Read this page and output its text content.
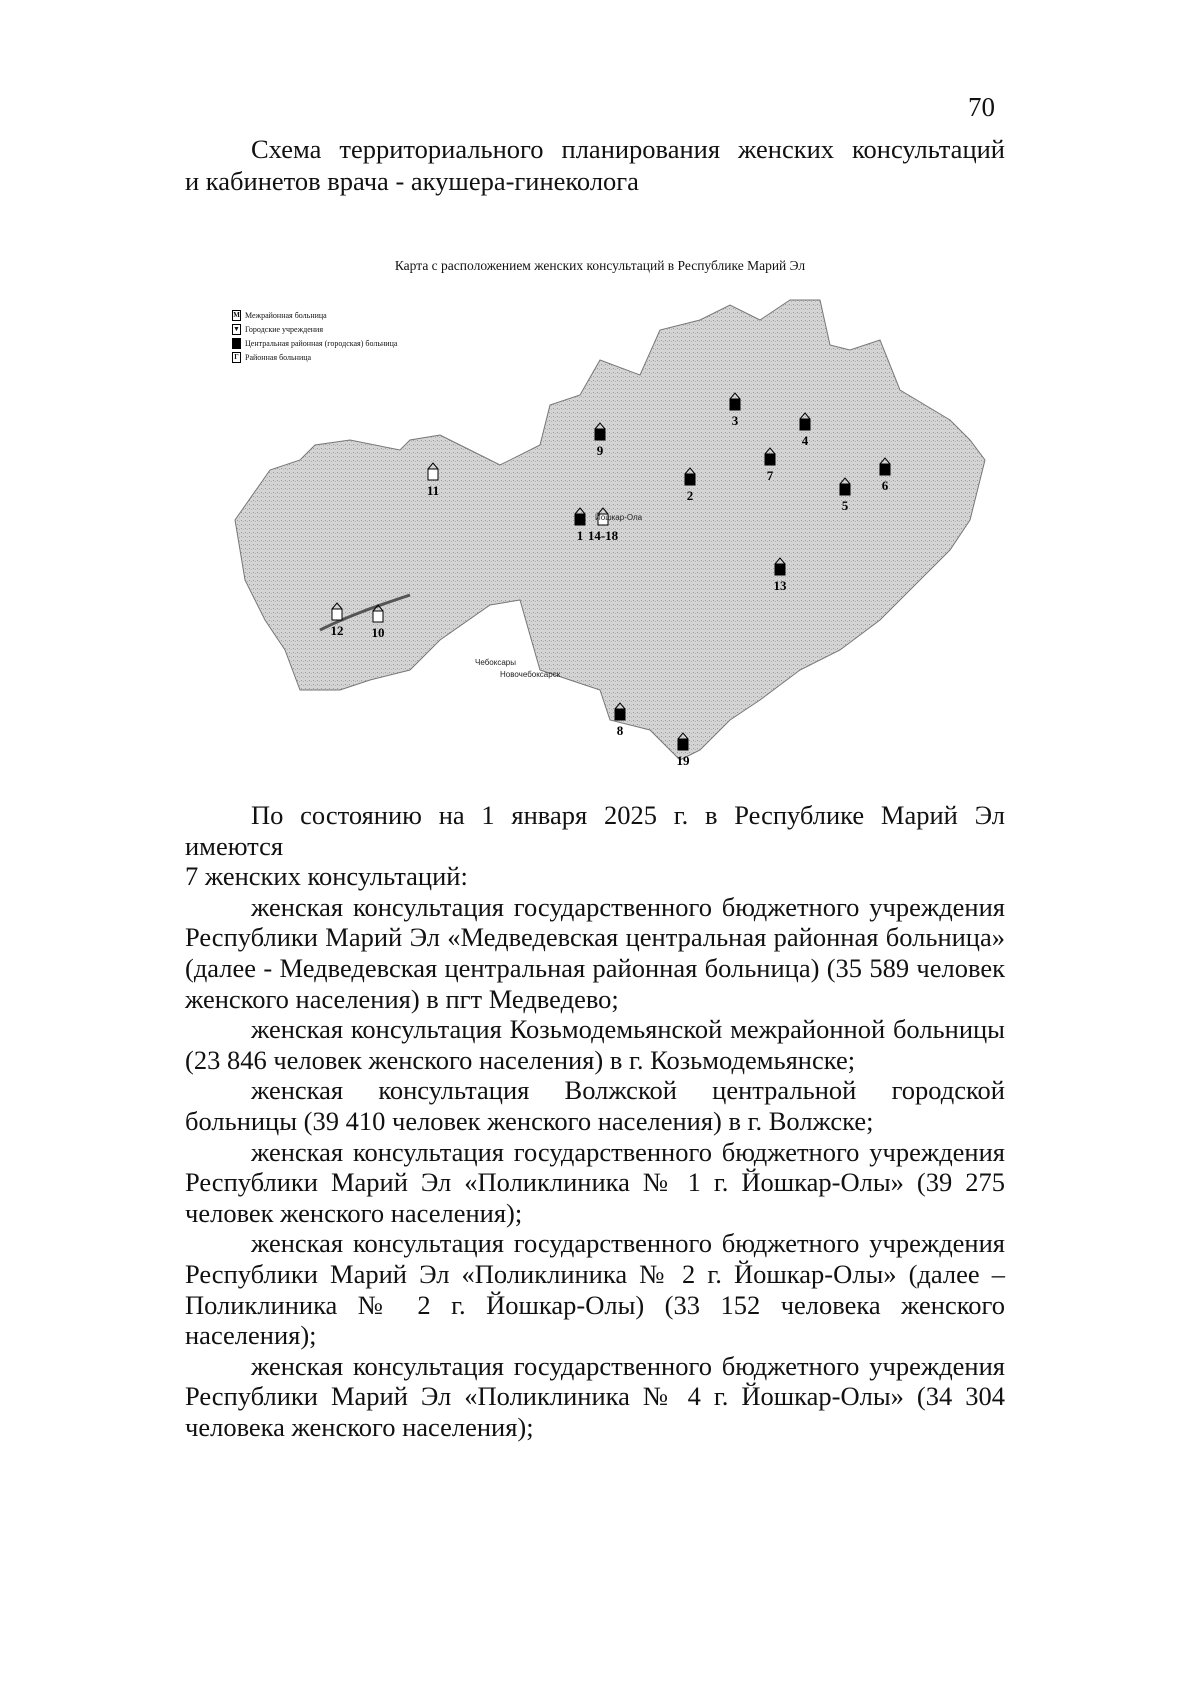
70
Схема территориального планирования женских консультаций
и кабинетов врача - акушера-гинеколога
Карта с расположением женских консультаций в Республике Марий Эл
М Межрайонная больница
▼ Городские учреждения
■ Центральная районная (городская) больница
Г Районная больница
1
2
3
4
5
6
7
8
9
10
11
12
13
14-18
19
Йошкар-Ола
Чебоксары
Новочебоксарск

По состоянию на 1 января 2025 г. в Республике Марий Эл имеются

7 женских консультаций:

женская консультация государственного бюджетного учреждения Республики Марий Эл «Медведевская центральная районная больница» (далее - Медведевская центральная районная больница) (35 589 человек женского населения) в пгт Медведево;

женская консультация Козьмодемьянской межрайонной больницы (23 846 человек женского населения) в г. Козьмодемьянске;

женская консультация Волжской центральной городской больницы (39 410 человек женского населения) в г. Волжске;

женская консультация государственного бюджетного учреждения Республики Марий Эл «Поликлиника № 1 г. Йошкар-Олы» (39 275 человек женского населения);

женская консультация государственного бюджетного учреждения Республики Марий Эл «Поликлиника № 2 г. Йошкар-Олы» (далее – Поликлиника № 2 г. Йошкар-Олы) (33 152 человека женского населения);

женская консультация государственного бюджетного учреждения Республики Марий Эл «Поликлиника № 4 г. Йошкар-Олы» (34 304 человека женского населения);
